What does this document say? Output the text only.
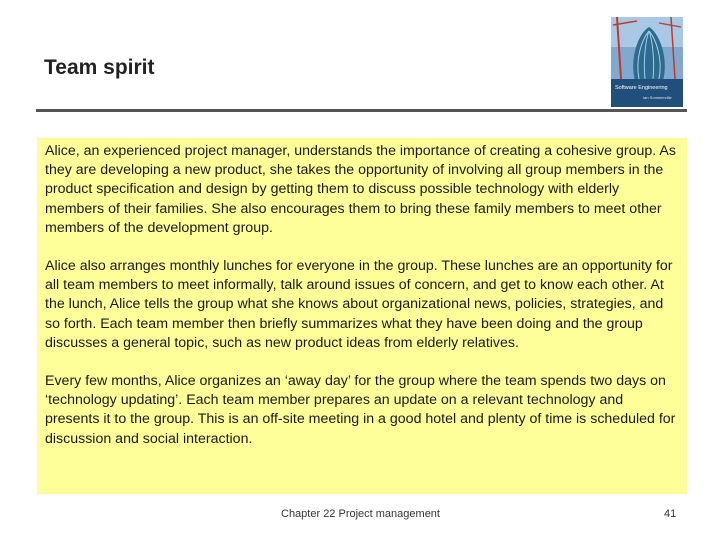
Team spirit
Software Engineering
Ian Sommerville

Alice, an experienced project manager, understands the importance of creating a cohesive group. As they are developing a new product, she takes the opportunity of involving all group members in the product specification and design by getting them to discuss possible technology with elderly members of their families. She also encourages them to bring these family members to meet other members of the development group.

Alice also arranges monthly lunches for everyone in the group. These lunches are an opportunity for all team members to meet informally, talk around issues of concern, and get to know each other. At the lunch, Alice tells the group what she knows about organizational news, policies, strategies, and so forth. Each team member then briefly summarizes what they have been doing and the group discusses a general topic, such as new product ideas from elderly relatives.

Every few months, Alice organizes an ‘away day’ for the group where the team spends two days on ‘technology updating’. Each team member prepares an update on a relevant technology and presents it to the group. This is an off-site meeting in a good hotel and plenty of time is scheduled for discussion and social interaction.

Chapter 22 Project management	41
